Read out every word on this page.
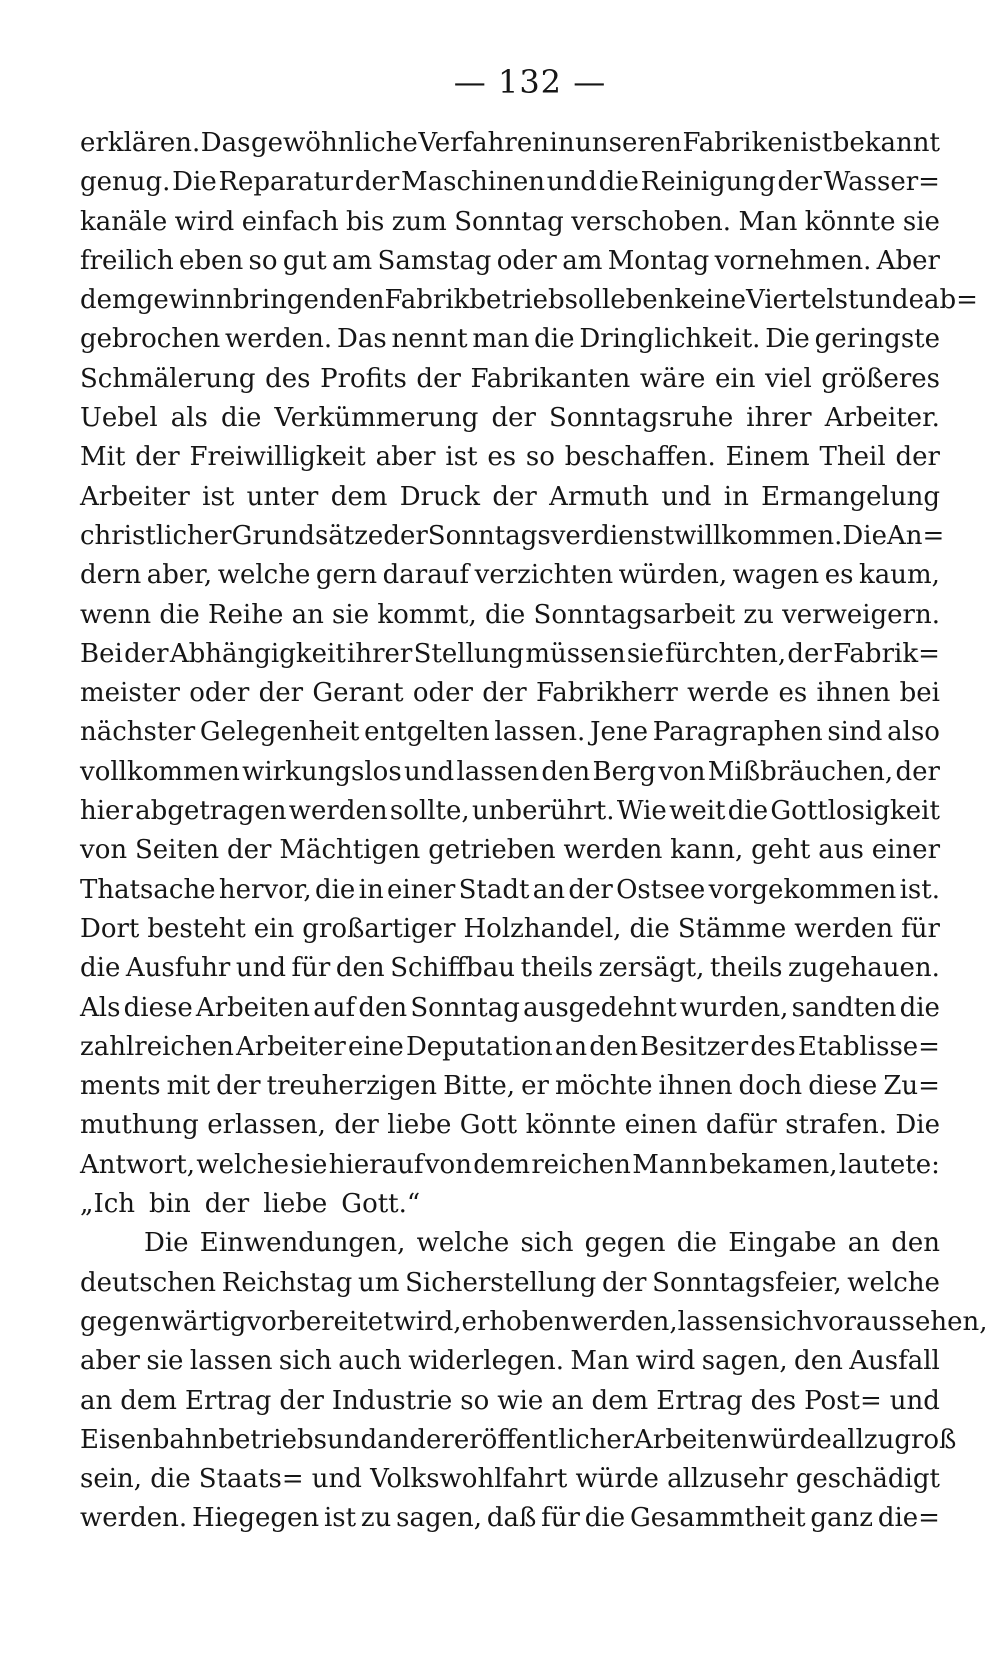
— 132 —
erklären. Das gewöhnliche Verfahren in unseren Fabriken ist bekannt
genug. Die Reparatur der Maschinen und die Reinigung der Wasser=
kanäle wird einfach bis zum Sonntag verschoben. Man könnte sie
freilich eben so gut am Samstag oder am Montag vornehmen. Aber
dem gewinnbringenden Fabrikbetrieb soll eben keine Viertelstunde ab=
gebrochen werden. Das nennt man die Dringlichkeit. Die geringste
Schmälerung des Profits der Fabrikanten wäre ein viel größeres
Uebel als die Verkümmerung der Sonntagsruhe ihrer Arbeiter.
Mit der Freiwilligkeit aber ist es so beschaffen. Einem Theil der
Arbeiter ist unter dem Druck der Armuth und in Ermangelung
christlicher Grundsätze der Sonntagsverdienst willkommen. Die An=
dern aber, welche gern darauf verzichten würden, wagen es kaum,
wenn die Reihe an sie kommt, die Sonntagsarbeit zu verweigern.
Bei der Abhängigkeit ihrer Stellung müssen sie fürchten, der Fabrik=
meister oder der Gerant oder der Fabrikherr werde es ihnen bei
nächster Gelegenheit entgelten lassen. Jene Paragraphen sind also
vollkommen wirkungslos und lassen den Berg von Mißbräuchen, der
hier abgetragen werden sollte, unberührt. Wie weit die Gottlosigkeit
von Seiten der Mächtigen getrieben werden kann, geht aus einer
Thatsache hervor, die in einer Stadt an der Ostsee vorgekommen ist.
Dort besteht ein großartiger Holzhandel, die Stämme werden für
die Ausfuhr und für den Schiffbau theils zersägt, theils zugehauen.
Als diese Arbeiten auf den Sonntag ausgedehnt wurden, sandten die
zahlreichen Arbeiter eine Deputation an den Besitzer des Etablisse=
ments mit der treuherzigen Bitte, er möchte ihnen doch diese Zu=
muthung erlassen, der liebe Gott könnte einen dafür strafen. Die
Antwort, welche sie hierauf von dem reichen Mann bekamen, lautete:
„Ich bin der liebe Gott.“
Die Einwendungen, welche sich gegen die Eingabe an den
deutschen Reichstag um Sicherstellung der Sonntagsfeier, welche
gegenwärtig vorbereitet wird, erhoben werden, lassen sich voraussehen,
aber sie lassen sich auch widerlegen. Man wird sagen, den Ausfall
an dem Ertrag der Industrie so wie an dem Ertrag des Post= und
Eisenbahnbetriebs und anderer öffentlicher Arbeiten würde allzu groß
sein, die Staats= und Volkswohlfahrt würde allzusehr geschädigt
werden. Hiegegen ist zu sagen, daß für die Gesammtheit ganz die=
